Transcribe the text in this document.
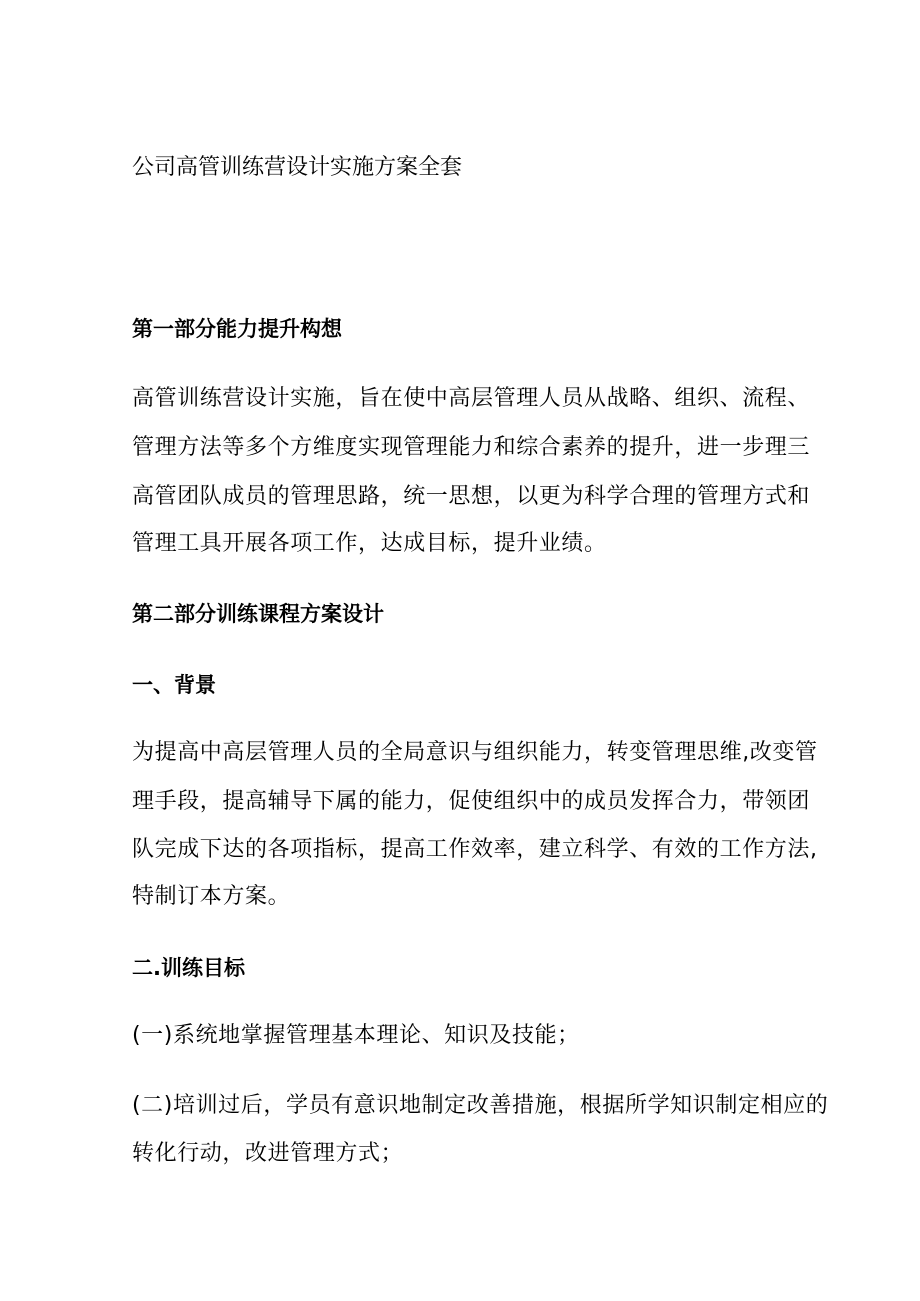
公司高管训练营设计实施方案全套
第一部分能力提升构想
高管训练营设计实施，旨在使中高层管理人员从战略、组织、流程、
管理方法等多个方维度实现管理能力和综合素养的提升，进一步理三
高管团队成员的管理思路，统一思想，以更为科学合理的管理方式和
管理工具开展各项工作，达成目标，提升业绩。
第二部分训练课程方案设计
一、背景
为提高中高层管理人员的全局意识与组织能力，转变管理思维,改变管
理手段，提高辅导下属的能力，促使组织中的成员发挥合力，带领团
队完成下达的各项指标，提高工作效率，建立科学、有效的工作方法,
特制订本方案。
二.训练目标
(一)系统地掌握管理基本理论、知识及技能；
(二)培训过后，学员有意识地制定改善措施，根据所学知识制定相应的
转化行动，改进管理方式；
